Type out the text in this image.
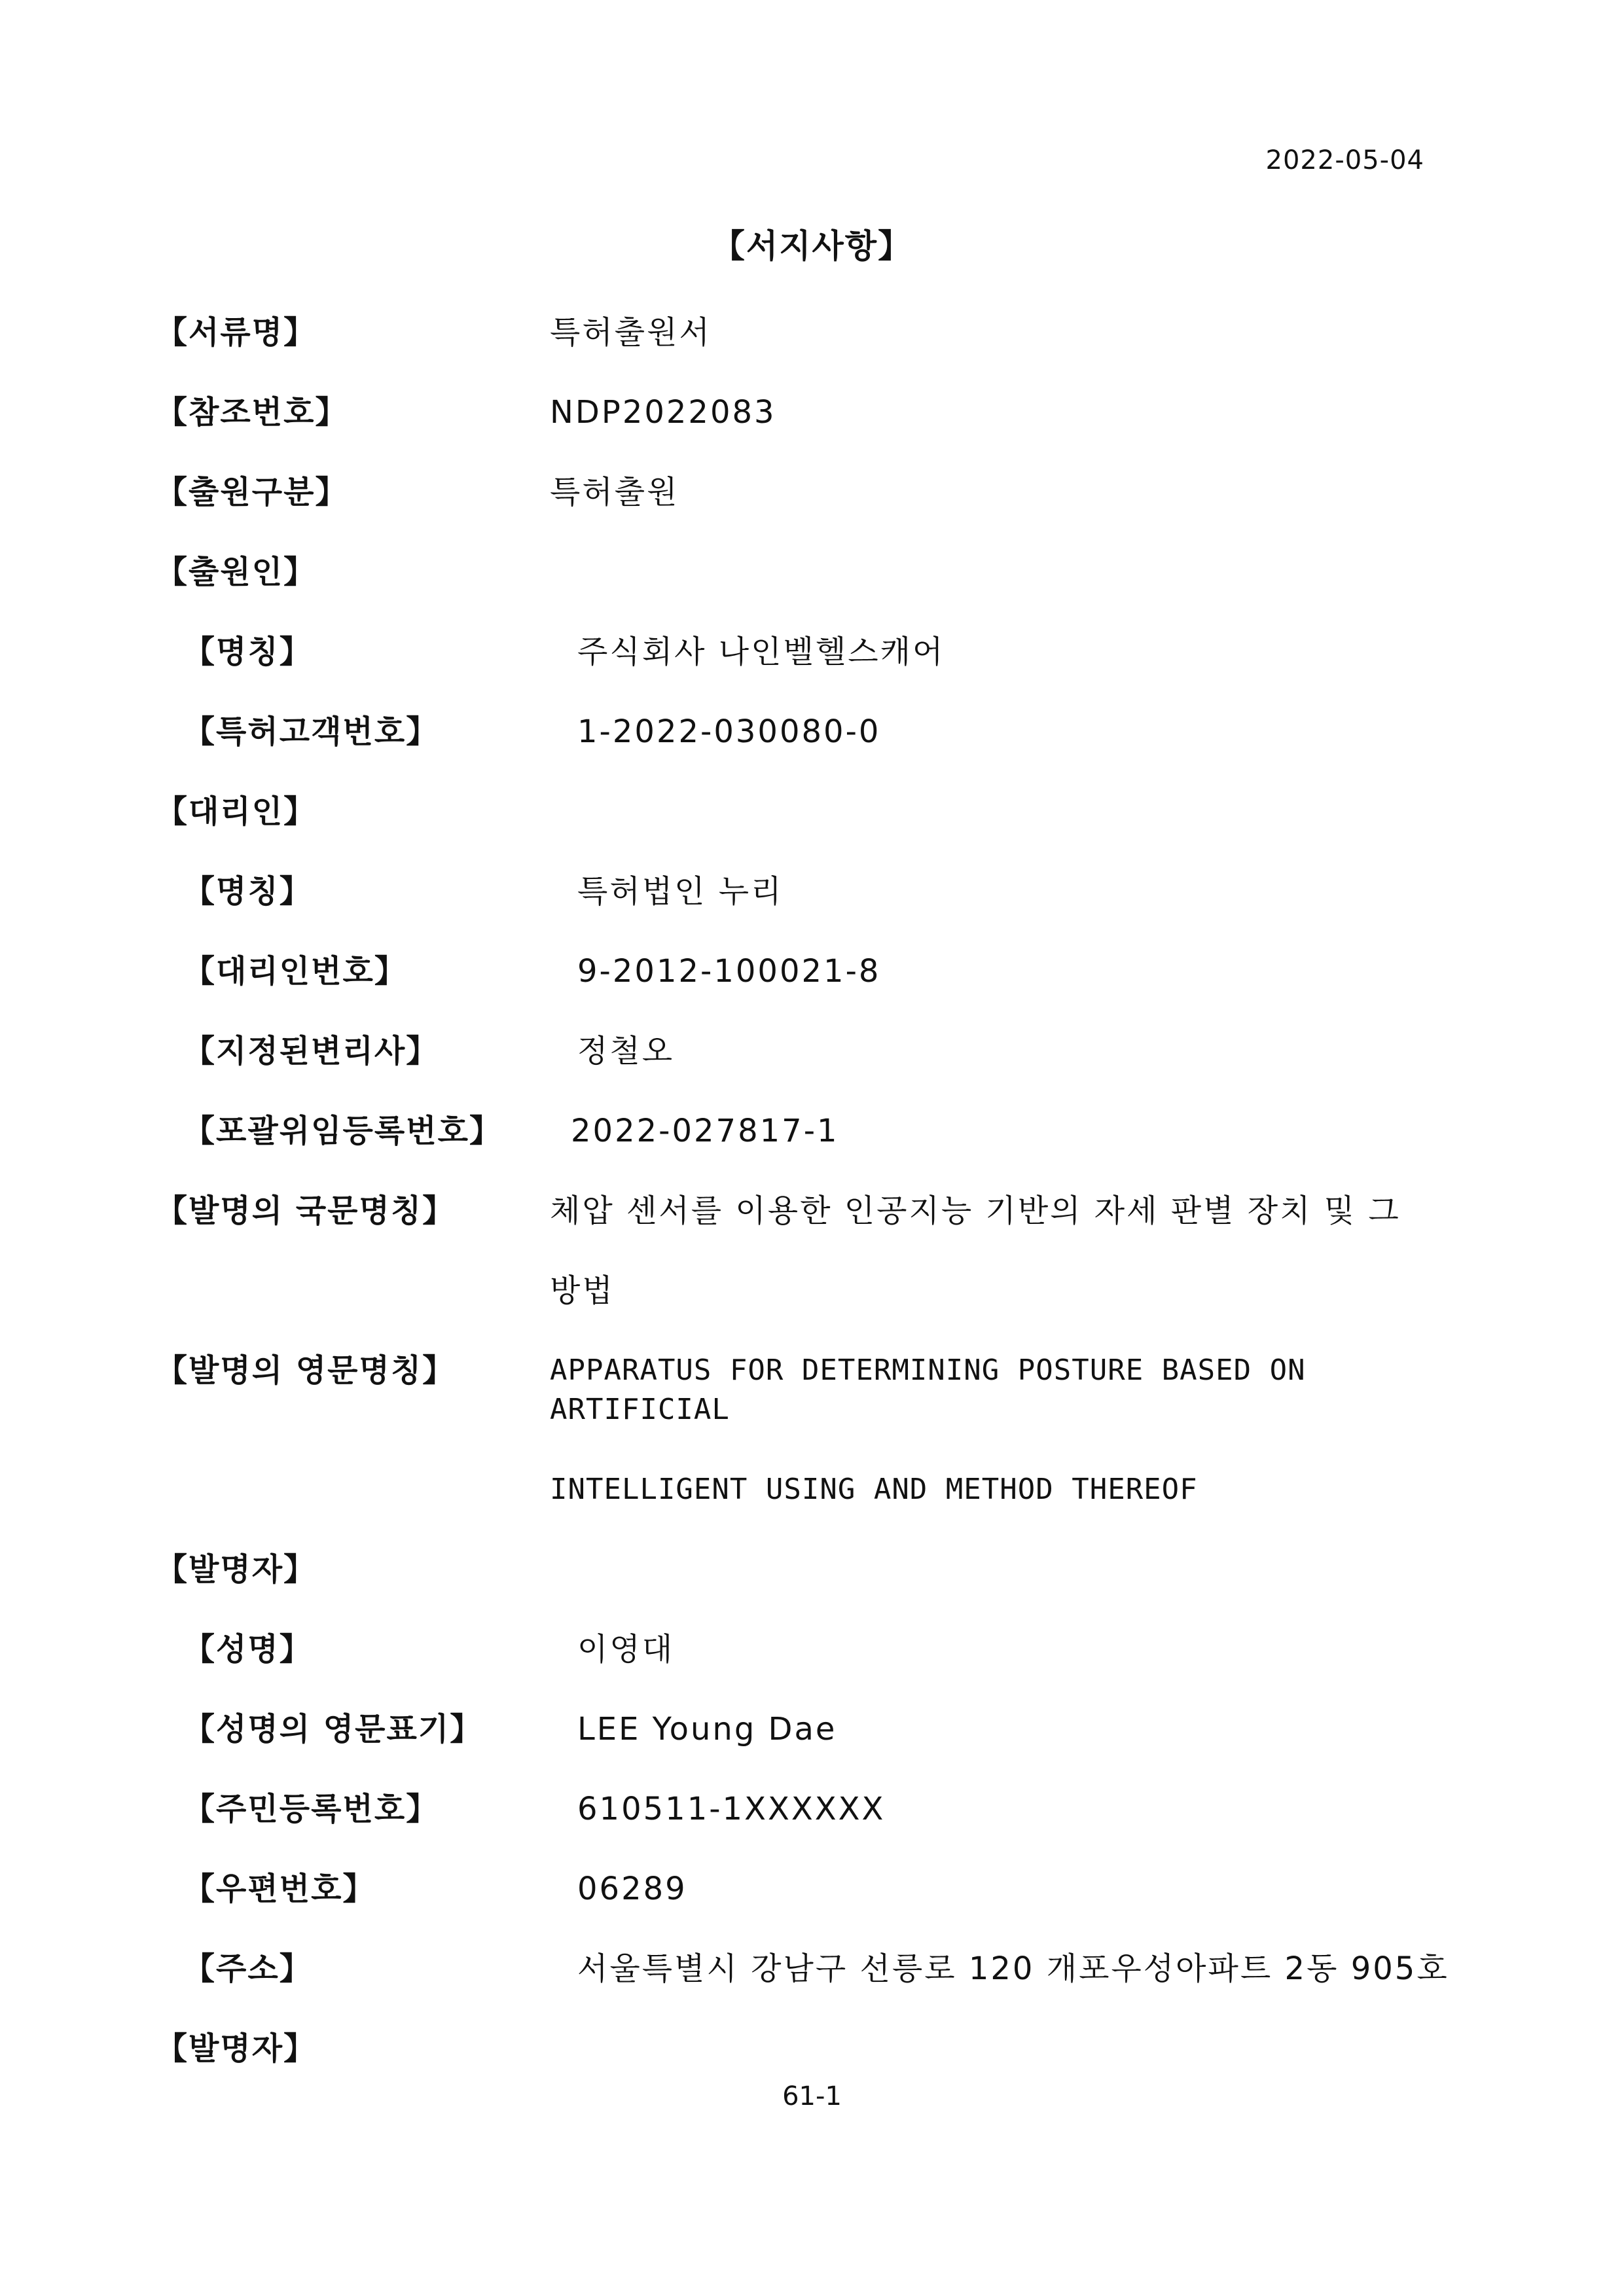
2022-05-04
【서지사항】
【서류명】	특허출원서
【참조번호】	NDP2022083
【출원구분】	특허출원
【출원인】
【명칭】	주식회사 나인벨헬스캐어
【특허고객번호】	1-2022-030080-0
【대리인】
【명칭】	특허법인 누리
【대리인번호】	9-2012-100021-8
【지정된변리사】	정철오
【포괄위임등록번호】	2022-027817-1
【발명의 국문명칭】	체압 센서를 이용한 인공지능 기반의 자세 판별 장치 및 그
방법
【발명의 영문명칭】	APPARATUS FOR DETERMINING POSTURE BASED ON ARTIFICIAL
INTELLIGENT USING AND METHOD THEREOF
【발명자】
【성명】	이영대
【성명의 영문표기】	LEE Young Dae
【주민등록번호】	610511-1XXXXXX
【우편번호】	06289
【주소】	서울특별시 강남구 선릉로 120 개포우성아파트 2동 905호
【발명자】
61-1
